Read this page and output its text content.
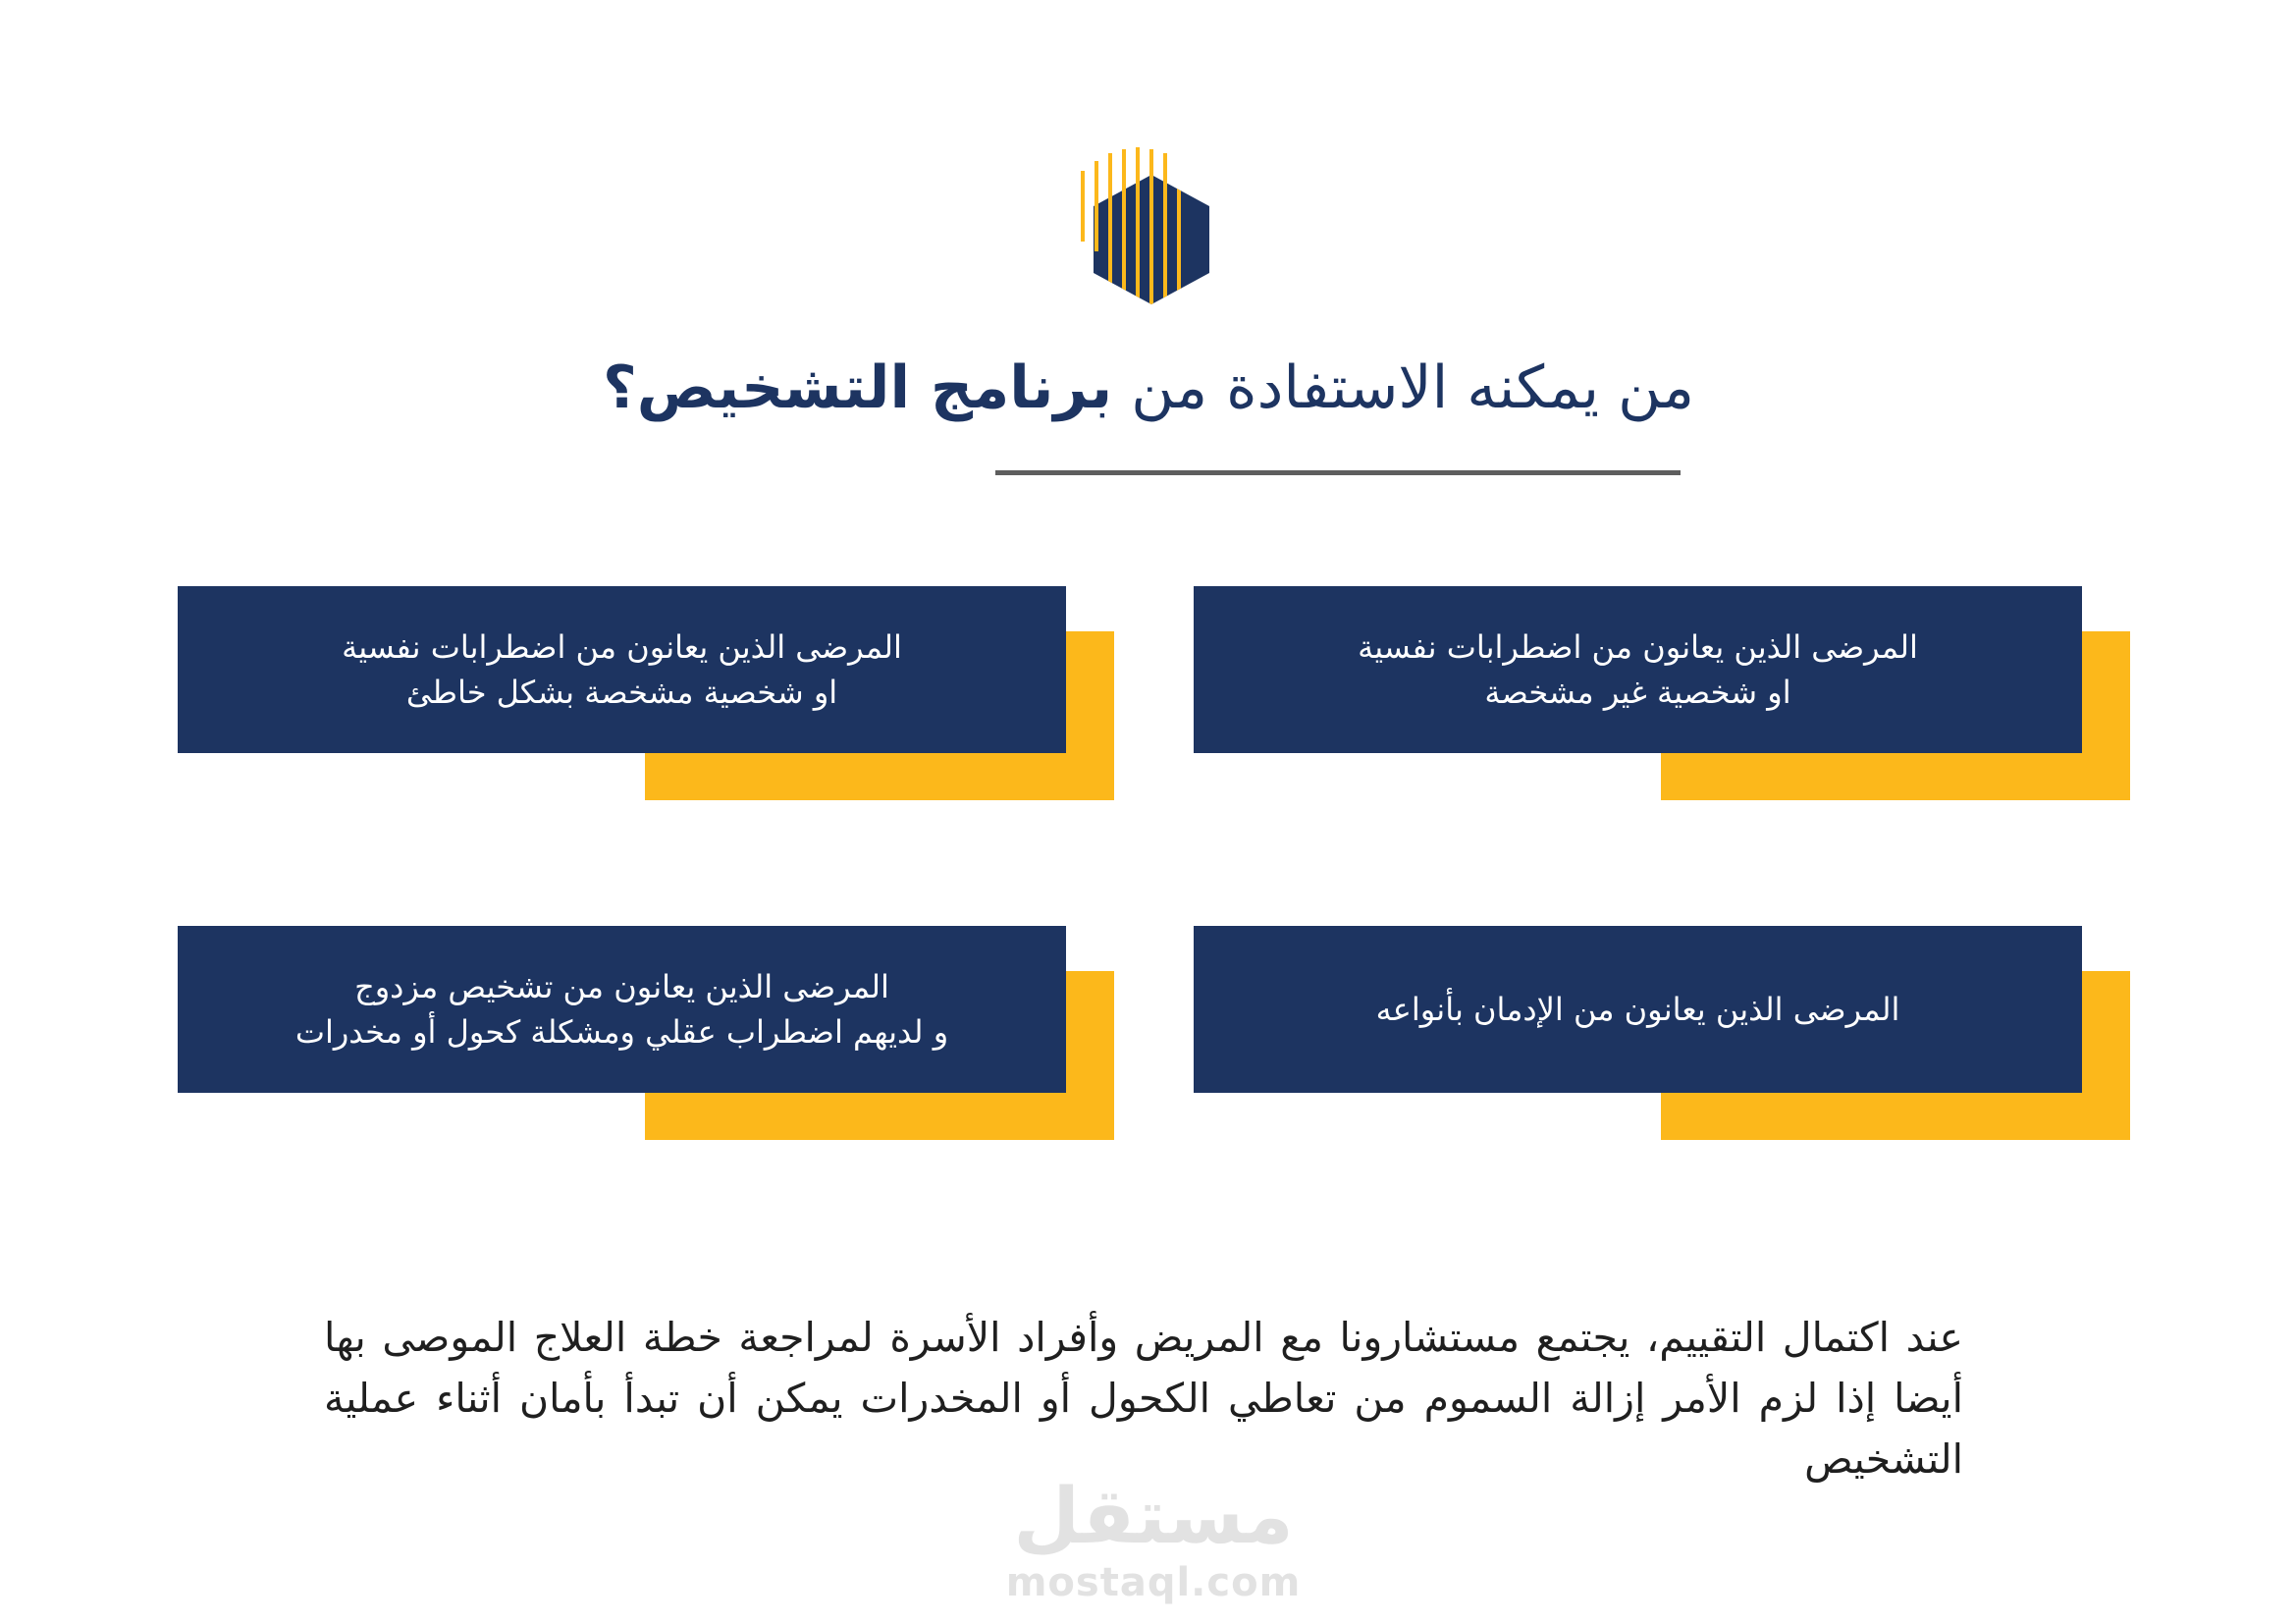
من يمكنه الاستفادة من برنامج التشخيص؟

المرضى الذين يعانون من اضطرابات نفسية
او شخصية غير مشخصة

المرضى الذين يعانون من اضطرابات نفسية
او شخصية مشخصة بشكل خاطئ

المرضى الذين يعانون من الإدمان بأنواعه

المرضى الذين يعانون من تشخيص مزدوج
و لديهم اضطراب عقلي ومشكلة كحول أو مخدرات

عند اكتمال التقييم، يجتمع مستشارونا مع المريض وأفراد الأسرة لمراجعة خطة العلاج الموصى بها أيضا إذا لزم الأمر إزالة السموم من تعاطي الكحول أو المخدرات يمكن أن تبدأ بأمان أثناء عملية التشخيص

مستقل
mostaql.com
